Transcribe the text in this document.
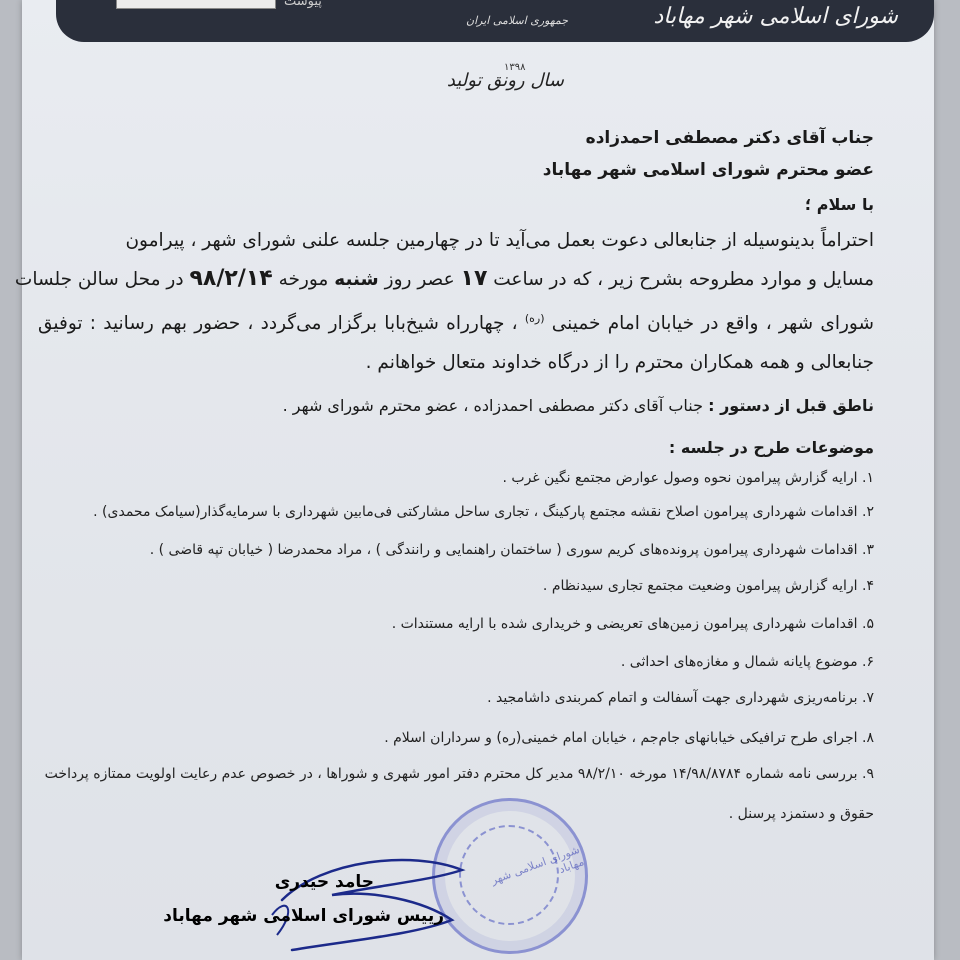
پیوست
جمهوری اسلامی ایران	شورای اسلامی شهر مهاباد
۱۳۹۸
سال رونق تولید
جناب آقای دکتر مصطفی احمدزاده
عضو محترم شورای اسلامی شهر مهاباد
با سلام ؛
احتراماً بدینوسیله از جنابعالی دعوت بعمل می‌آید تا در چهارمین جلسه علنی شورای شهر ، پیرامون
مسایل و موارد مطروحه بشرح زیر ، که در ساعت ۱۷ عصر روز شنبه مورخه ۹۸/۲/۱۴ در محل سالن جلسات
شورای شهر ، واقع در خیابان امام خمینی $^{(ره)}$ ، چهارراه شیخ‌بابا برگزار می‌گردد ، حضور بهم رسانید : توفیق
جنابعالی و همه همکاران محترم را از درگاه خداوند متعال خواهانم .
ناطق قبل از دستور : جناب آقای دکتر مصطفی احمدزاده ، عضو محترم شورای شهر .
موضوعات طرح در جلسه :
۱. ارایه گزارش پیرامون نحوه وصول عوارض مجتمع نگین غرب .
۲. اقدامات شهرداری پیرامون اصلاح نقشه مجتمع پارکینگ ، تجاری ساحل مشارکتی فی‌مابین شهرداری با سرمایه‌گذار(سیامک محمدی) .
۳. اقدامات شهرداری پیرامون پرونده‌های کریم سوری ( ساختمان راهنمایی و رانندگی ) ، مراد محمدرضا ( خیابان تپه قاضی ) .
۴. ارایه گزارش پیرامون وضعیت مجتمع تجاری سیدنظام .
۵. اقدامات شهرداری پیرامون زمین‌های تعریضی و خریداری شده با ارایه مستندات .
۶. موضوع پایانه شمال و مغازه‌های احداثی .
۷. برنامه‌ریزی شهرداری جهت آسفالت و اتمام کمربندی داشامجید .
۸. اجرای طرح ترافیکی خیابانهای جام‌جم ، خیابان امام خمینی(ره) و سرداران اسلام .
۹. بررسی نامه شماره ۱۴/۹۸/۸۷۸۴ مورخه ۹۸/۲/۱۰ مدیر کل محترم دفتر امور شهری و شوراها ، در خصوص عدم رعایت اولویت ممتازه پرداخت
حقوق و دستمزد پرسنل .
شورای اسلامی شهر مهاباد
حامد حیدری
رییس شورای اسلامی شهر مهاباد
